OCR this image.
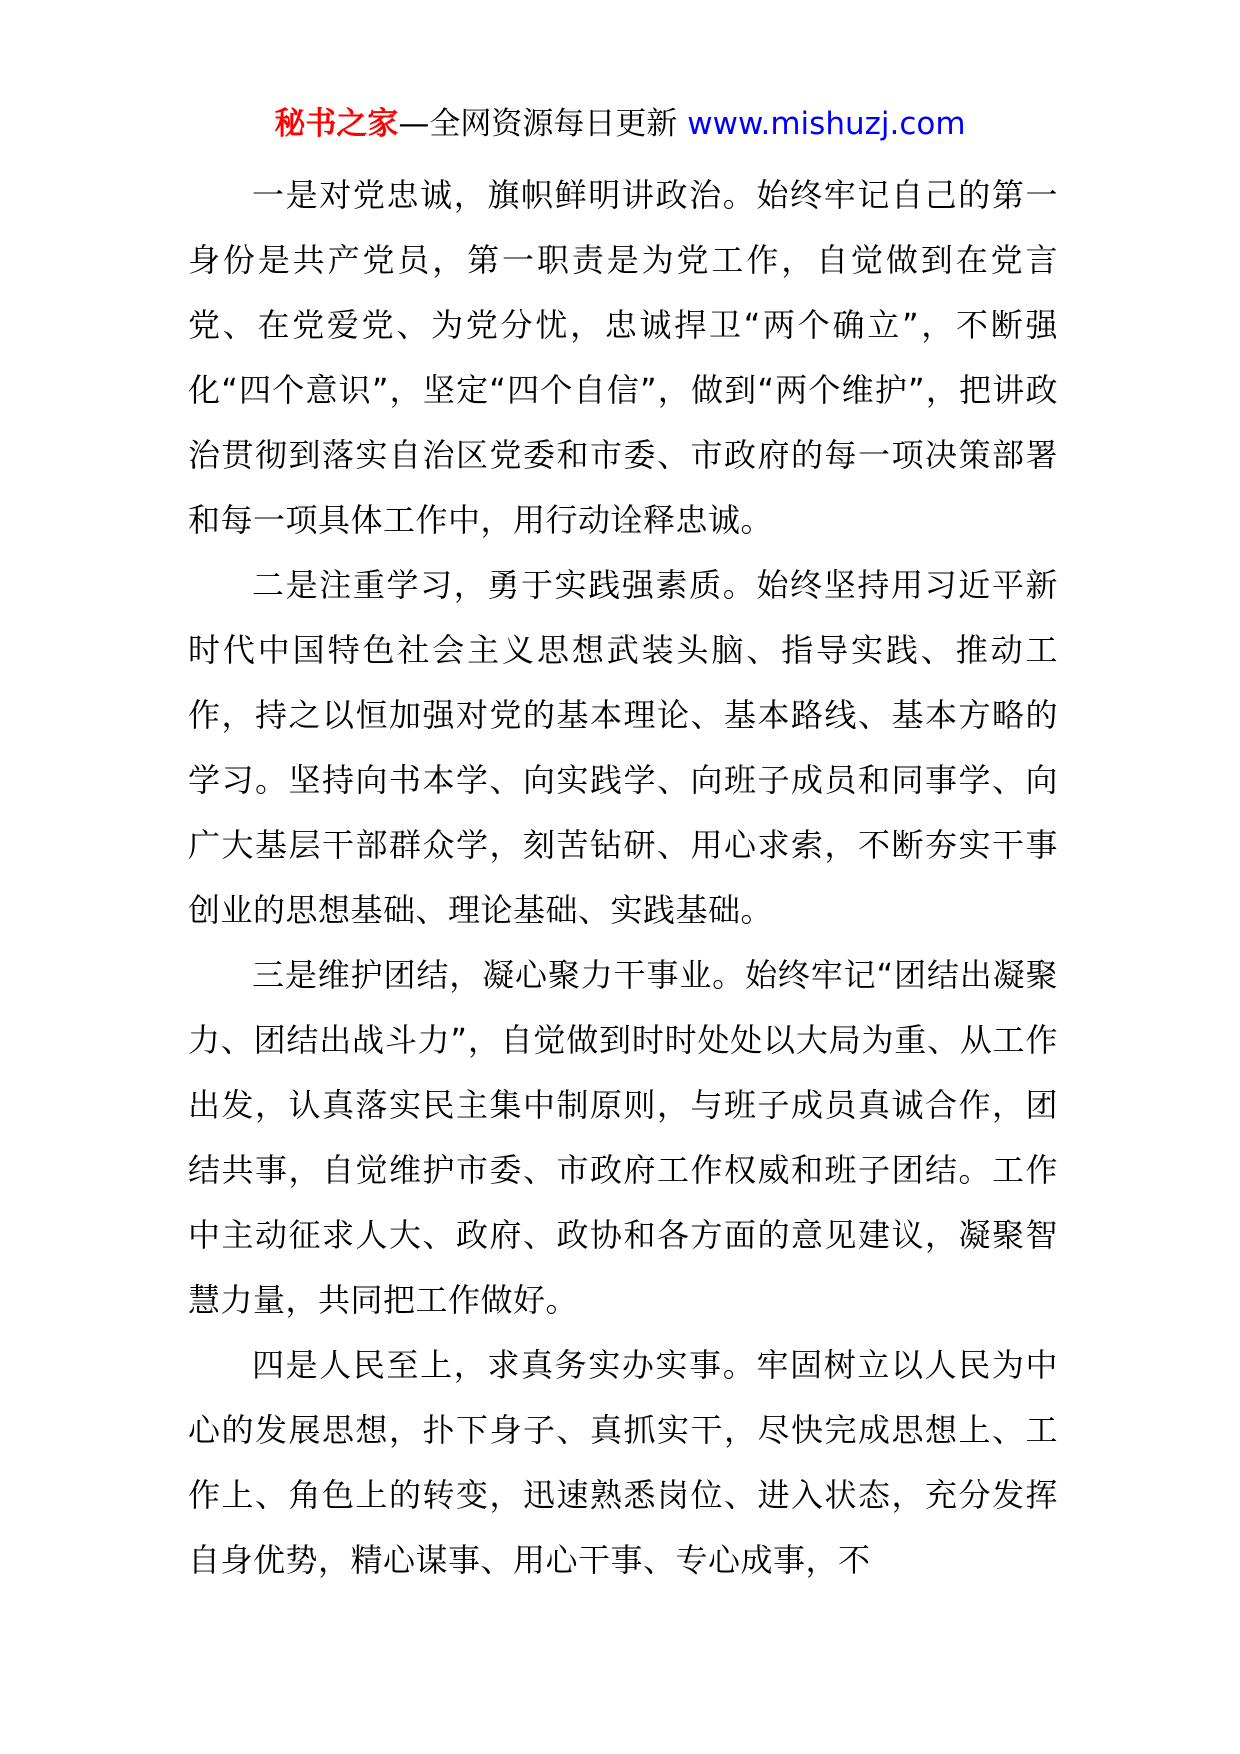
秘书之家—全网资源每日更新 www.mishuzj.com

一是对党忠诚，旗帜鲜明讲政治。始终牢记自己的第一身份是共产党员，第一职责是为党工作，自觉做到在党言党、在党爱党、为党分忧，忠诚捍卫“两个确立”，不断强化“四个意识”，坚定“四个自信”，做到“两个维护”，把讲政治贯彻到落实自治区党委和市委、市政府的每一项决策部署和每一项具体工作中，用行动诠释忠诚。

二是注重学习，勇于实践强素质。始终坚持用习近平新时代中国特色社会主义思想武装头脑、指导实践、推动工作，持之以恒加强对党的基本理论、基本路线、基本方略的学习。坚持向书本学、向实践学、向班子成员和同事学、向广大基层干部群众学，刻苦钻研、用心求索，不断夯实干事创业的思想基础、理论基础、实践基础。

三是维护团结，凝心聚力干事业。始终牢记“团结出凝聚力、团结出战斗力”，自觉做到时时处处以大局为重、从工作出发，认真落实民主集中制原则，与班子成员真诚合作，团结共事，自觉维护市委、市政府工作权威和班子团结。工作中主动征求人大、政府、政协和各方面的意见建议，凝聚智慧力量，共同把工作做好。

四是人民至上，求真务实办实事。牢固树立以人民为中心的发展思想，扑下身子、真抓实干，尽快完成思想上、工作上、角色上的转变，迅速熟悉岗位、进入状态，充分发挥自身优势，精心谋事、用心干事、专心成事，不
